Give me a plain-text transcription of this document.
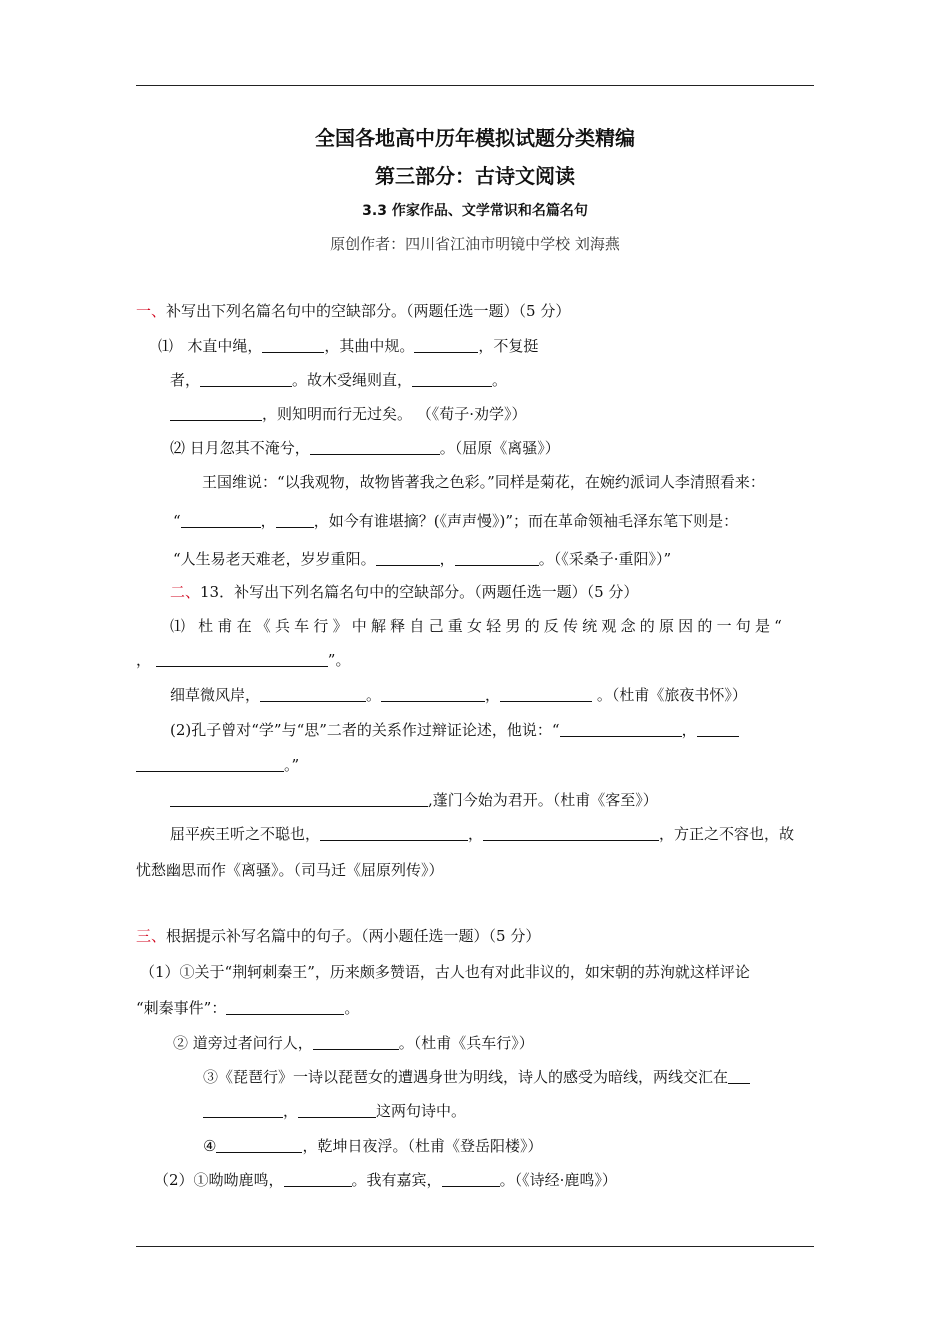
全国各地高中历年模拟试题分类精编
第三部分：古诗文阅读
3.3 作家作品、文学常识和名篇名句
原创作者：四川省江油市明镜中学校 刘海燕
一、补写出下列名篇名句中的空缺部分。（两题任选一题）（5 分）
⑴ 木直中绳，	，其曲中规。	，不复挺
者，	。故木受绳则直，	。
，则知明而行无过矣。 （《荀子·劝学》）
⑵ 日月忽其不淹兮，	。（屈原《离骚》）
王国维说：“以我观物，故物皆著我之色彩。”同样是菊花，在婉约派词人李清照看来：
“	，	，如今有谁堪摘？(《声声慢》)”；而在革命领袖毛泽东笔下则是：
“人生易老天难老，岁岁重阳。	，	。（《采桑子·重阳》）”
二、13．补写出下列名篇名句中的空缺部分。（两题任选一题）（5 分）
⑴ 杜甫在《兵车行》中解释自己重女轻男的反传统观念的原因的一句是“
，	”。
细草微风岸，	。	，	。（杜甫《旅夜书怀》）
(2)孔子曾对“学”与“思”二者的关系作过辩证论述，他说：“	，
。”
,蓬门今始为君开。（杜甫《客至》）
屈平疾王听之不聪也，	，	，方正之不容也，故
忧愁幽思而作《离骚》。（司马迁《屈原列传》）
三、根据提示补写名篇中的句子。（两小题任选一题）（5 分）
（1）①关于“荆轲刺秦王”，历来颇多赞语，古人也有对此非议的，如宋朝的苏洵就这样评论
“刺秦事件”：	。
② 道旁过者问行人，	。（杜甫《兵车行》）
③《琵琶行》一诗以琵琶女的遭遇身世为明线，诗人的感受为暗线，两线交汇在
，	这两句诗中。
④	，乾坤日夜浮。（杜甫《登岳阳楼》）
（2）①呦呦鹿鸣，	。我有嘉宾，	。（《诗经·鹿鸣》）
